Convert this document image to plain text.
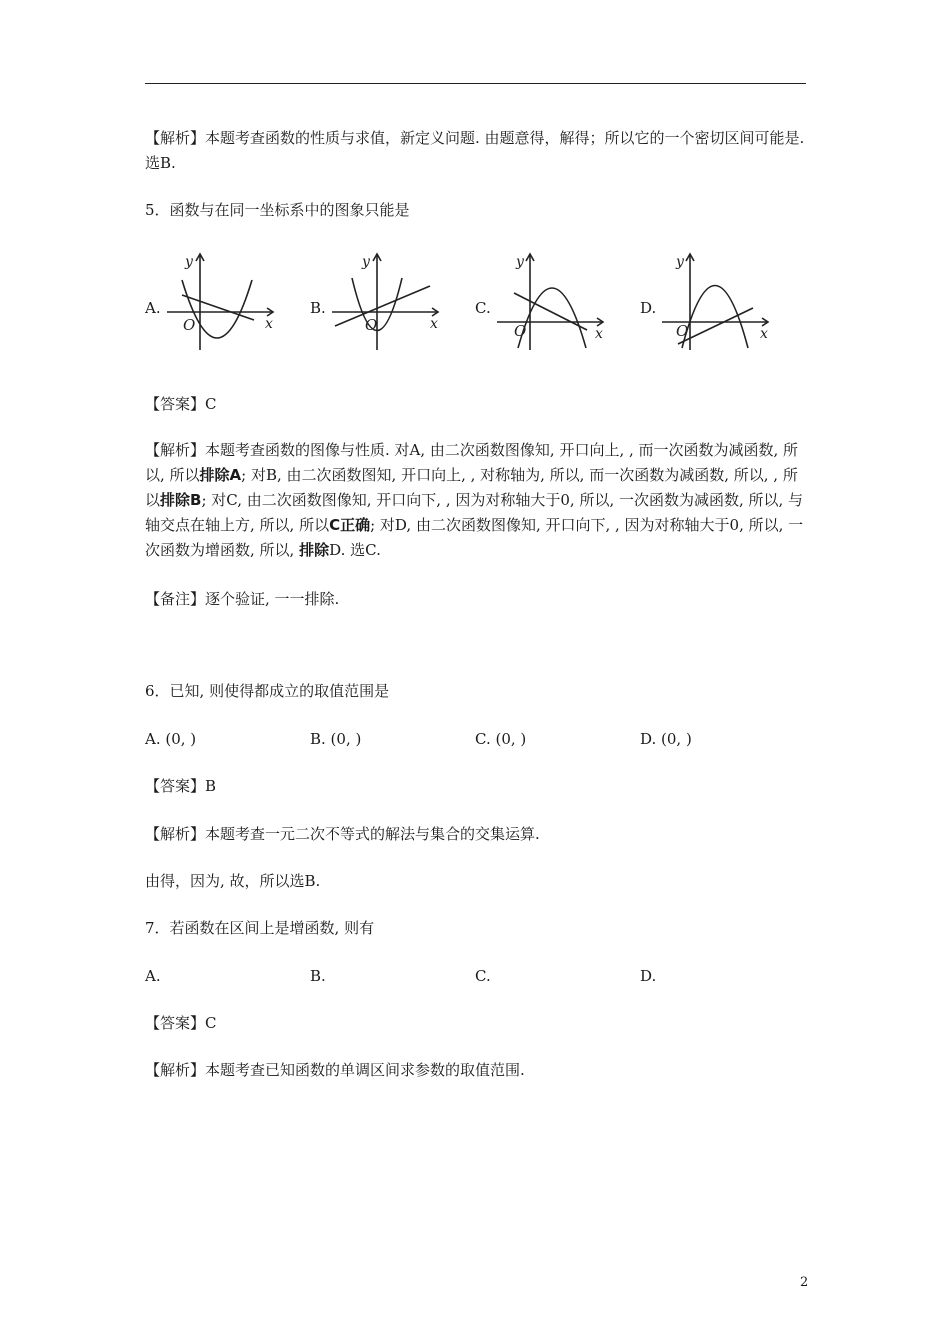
【解析】本题考查函数的性质与求值，新定义问题. 由题意得，解得；所以它的一个密切区间可能是. 选B.

5．函数与在同一坐标系中的图象只能是
A.	B.	C.	D.
y
x
O
y
x
O
y
x
O
y
x
O
【答案】C

【解析】本题考查函数的图像与性质. 对A, 由二次函数图像知, 开口向上, , 而一次函数为减函数, 所以, 所以排除A; 对B, 由二次函数图知, 开口向上, , 对称轴为, 所以, 而一次函数为减函数, 所以, , 所以排除B; 对C, 由二次函数图像知, 开口向下, , 因为对称轴大于0, 所以, 一次函数为减函数, 所以, 与轴交点在轴上方, 所以, 所以C正确; 对D, 由二次函数图像知, 开口向下, , 因为对称轴大于0, 所以, 一次函数为增函数, 所以, 排除D. 选C.

【备注】逐个验证, 一一排除.
6．已知, 则使得都成立的取值范围是
A. (0, )	B. (0, )	C. (0, )	D. (0, )
【答案】B
【解析】本题考查一元二次不等式的解法与集合的交集运算.
由得，因为, 故，所以选B.
7．若函数在区间上是增函数, 则有
A.	B.	C.	D.
【答案】C
【解析】本题考查已知函数的单调区间求参数的取值范围.
2
